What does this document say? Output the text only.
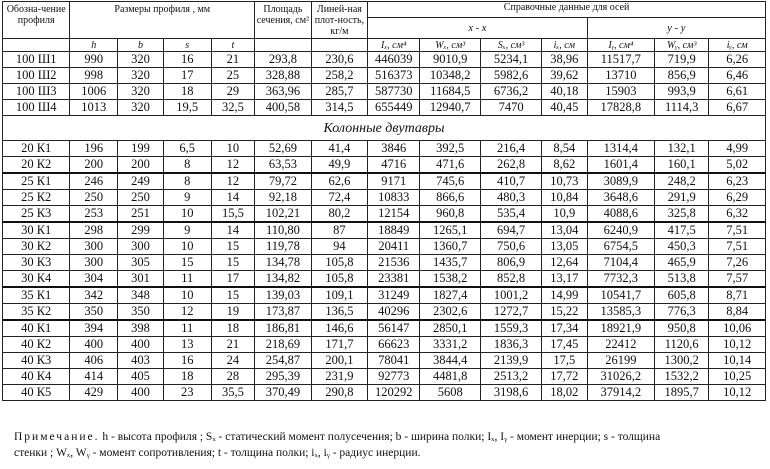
Обозна-чение профиля	Размеры профиля , мм				Площадь сечения, см²	Линей-ная плот-ность, кг/м	Справочные данные для осей						
							x - x				y - y		
	h	b	s	t			Iₓ, см⁴	Wₓ, см³	Sₓ, см³	iₓ, см	Iᵧ, см⁴	Wᵧ, см³	iᵧ, см
100 Ш1	990	320	16	21	293,8	230,6	446039	9010,9	5234,1	38,96	11517,7	719,9	6,26
100 Ш2	998	320	17	25	328,88	258,2	516373	10348,2	5982,6	39,62	13710	856,9	6,46
100 Ш3	1006	320	18	29	363,96	285,7	587730	11684,5	6736,2	40,18	15903	993,9	6,61
100 Ш4	1013	320	19,5	32,5	400,58	314,5	655449	12940,7	7470	40,45	17828,8	1114,3	6,67
Колонные двутавры													
20 К1	196	199	6,5	10	52,69	41,4	3846	392,5	216,4	8,54	1314,4	132,1	4,99
20 К2	200	200	8	12	63,53	49,9	4716	471,6	262,8	8,62	1601,4	160,1	5,02
25 К1	246	249	8	12	79,72	62,6	9171	745,6	410,7	10,73	3089,9	248,2	6,23
25 К2	250	250	9	14	92,18	72,4	10833	866,6	480,3	10,84	3648,6	291,9	6,29
25 К3	253	251	10	15,5	102,21	80,2	12154	960,8	535,4	10,9	4088,6	325,8	6,32
30 К1	298	299	9	14	110,80	87	18849	1265,1	694,7	13,04	6240,9	417,5	7,51
30 К2	300	300	10	15	119,78	94	20411	1360,7	750,6	13,05	6754,5	450,3	7,51
30 К3	300	305	15	15	134,78	105,8	21536	1435,7	806,9	12,64	7104,4	465,9	7,26
30 К4	304	301	11	17	134,82	105,8	23381	1538,2	852,8	13,17	7732,3	513,8	7,57
35 К1	342	348	10	15	139,03	109,1	31249	1827,4	1001,2	14,99	10541,7	605,8	8,71
35 К2	350	350	12	19	173,87	136,5	40296	2302,6	1272,7	15,22	13585,3	776,3	8,84
40 К1	394	398	11	18	186,81	146,6	56147	2850,1	1559,3	17,34	18921,9	950,8	10,06
40 К2	400	400	13	21	218,69	171,7	66623	3331,2	1836,3	17,45	22412	1120,6	10,12
40 К3	406	403	16	24	254,87	200,1	78041	3844,4	2139,9	17,5	26199	1300,2	10,14
40 К4	414	405	18	28	295,39	231,9	92773	4481,8	2513,2	17,72	31026,2	1532,2	10,25
40 К5	429	400	23	35,5	370,49	290,8	120292	5608	3198,6	18,02	37914,2	1895,7	10,12
Примечание. h - высота профиля ; Sₓ - статический момент полусечения; b - ширина полки; Iₓ, Iᵧ - момент инерции; s - толщина
стенки ; Wₓ, Wᵧ - момент сопротивления; t - толщина полки; iₓ, iᵧ - радиус инерции.
